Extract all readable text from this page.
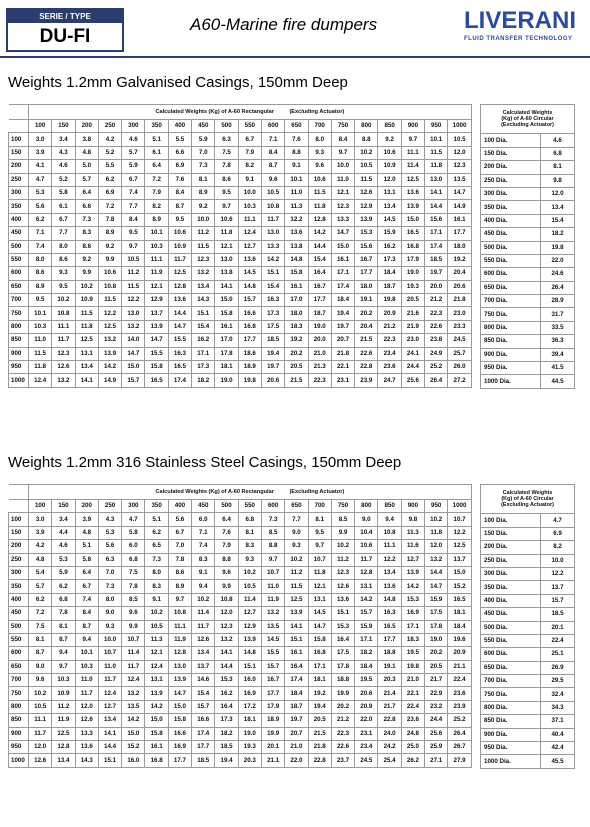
SERIE / TYPE
DU-FI
A60-Marine fire dumpers	LIVERANI
FLUID TRANSFER TECHNOLOGY
Weights 1.2mm Galvanised Casings, 150mm Deep
	Calculated Weights (Kg) of A-60 Rectangular (Excluding Actuator)																		
	100	150	200	250	300	350	400	450	500	550	600	650	700	750	800	850	900	950	1000
100	3.0	3.4	3.8	4.2	4.6	5.1	5.5	5.9	6.3	6.7	7.1	7.6	8.0	8.4	8.8	9.2	9.7	10.1	10.5
150	3.9	4.3	4.8	5.2	5.7	6.1	6.6	7.0	7.5	7.9	8.4	8.8	9.3	9.7	10.2	10.6	11.1	11.5	12.0
200	4.1	4.6	5.0	5.5	5.9	6.4	6.9	7.3	7.8	8.2	8.7	9.1	9.6	10.0	10.5	10.9	11.4	11.8	12.3
250	4.7	5.2	5.7	6.2	6.7	7.2	7.6	8.1	8.6	9.1	9.6	10.1	10.6	11.0	11.5	12.0	12.5	13.0	13.5
300	5.3	5.8	6.4	6.9	7.4	7.9	8.4	8.9	9.5	10.0	10.5	11.0	11.5	12.1	12.6	13.1	13.6	14.1	14.7
350	5.6	6.1	6.6	7.2	7.7	8.2	8.7	9.2	9.7	10.3	10.8	11.3	11.8	12.3	12.9	13.4	13.9	14.4	14.9
400	6.2	6.7	7.3	7.8	8.4	8.9	9.5	10.0	10.6	11.1	11.7	12.2	12.8	13.3	13.9	14.5	15.0	15.6	16.1
450	7.1	7.7	8.3	8.9	9.5	10.1	10.6	11.2	11.8	12.4	13.0	13.6	14.2	14.7	15.3	15.9	16.5	17.1	17.7
500	7.4	8.0	8.6	9.2	9.7	10.3	10.9	11.5	12.1	12.7	13.3	13.8	14.4	15.0	15.6	16.2	16.8	17.4	18.0
550	8.0	8.6	9.2	9.9	10.5	11.1	11.7	12.3	13.0	13.6	14.2	14.8	15.4	16.1	16.7	17.3	17.9	18.5	19.2
600	8.6	9.3	9.9	10.6	11.2	11.9	12.5	13.2	13.8	14.5	15.1	15.8	16.4	17.1	17.7	18.4	19.0	19.7	20.4
650	8.9	9.5	10.2	10.8	11.5	12.1	12.8	13.4	14.1	14.8	15.4	16.1	16.7	17.4	18.0	18.7	19.3	20.0	20.6
700	9.5	10.2	10.9	11.5	12.2	12.9	13.6	14.3	15.0	15.7	16.3	17.0	17.7	18.4	19.1	19.8	20.5	21.2	21.8
750	10.1	10.8	11.5	12.2	13.0	13.7	14.4	15.1	15.8	16.6	17.3	18.0	18.7	19.4	20.2	20.9	21.6	22.3	23.0
800	10.3	11.1	11.8	12.5	13.2	13.9	14.7	15.4	16.1	16.8	17.5	18.3	19.0	19.7	20.4	21.2	21.9	22.6	23.3
850	11.0	11.7	12.5	13.2	14.0	14.7	15.5	16.2	17.0	17.7	18.5	19.2	20.0	20.7	21.5	22.3	23.0	23.8	24.5
900	11.5	12.3	13.1	13.9	14.7	15.5	16.3	17.1	17.8	18.6	19.4	20.2	21.0	21.8	22.6	23.4	24.1	24.9	25.7
950	11.8	12.6	13.4	14.2	15.0	15.8	16.5	17.3	18.1	18.9	19.7	20.5	21.3	22.1	22.8	23.6	24.4	25.2	26.0
1000	12.4	13.2	14.1	14.9	15.7	16.5	17.4	18.2	19.0	19.8	20.6	21.5	22.3	23.1	23.9	24.7	25.6	26.4	27.2
Calculated Weights
(Kg) of A-60 Circular
(Excluding Actuator)	

100 Dia.	4.6
150 Dia.	6.8
200 Dia.	8.1
250 Dia.	9.8
300 Dia.	12.0
350 Dia.	13.4
400 Dia.	15.4
450 Dia.	18.2
500 Dia.	19.8
550 Dia.	22.0
600 Dia.	24.6
650 Dia.	26.4
700 Dia.	28.9
750 Dia.	31.7
800 Dia.	33.5
850 Dia.	36.3
900 Dia.	39.4
950 Dia.	41.5
1000 Dia.	44.5
Weights 1.2mm 316 Stainless Steel Casings, 150mm Deep
	Calculated Weights (Kg) of A-60 Rectangular (Excluding Actuator)																		
	100	150	200	250	300	350	400	450	500	550	600	650	700	750	800	850	900	950	1000
100	3.0	3.4	3.9	4.3	4.7	5.1	5.6	6.0	6.4	6.8	7.3	7.7	8.1	8.5	9.0	9.4	9.8	10.2	10.7
150	3.9	4.4	4.8	5.3	5.8	6.2	6.7	7.1	7.6	8.1	8.5	9.0	9.5	9.9	10.4	10.8	11.3	11.8	12.2
200	4.2	4.6	5.1	5.6	6.0	6.5	7.0	7.4	7.9	8.3	8.8	9.3	9.7	10.2	10.6	11.1	11.6	12.0	12.5
250	4.8	5.3	5.8	6.3	6.8	7.3	7.8	8.3	8.8	9.3	9.7	10.2	10.7	11.2	11.7	12.2	12.7	13.2	13.7
300	5.4	5.9	6.4	7.0	7.5	8.0	8.6	9.1	9.6	10.2	10.7	11.2	11.8	12.3	12.8	13.4	13.9	14.4	15.0
350	5.7	6.2	6.7	7.3	7.8	8.3	8.9	9.4	9.9	10.5	11.0	11.5	12.1	12.6	13.1	13.6	14.2	14.7	15.2
400	6.2	6.8	7.4	8.0	8.5	9.1	9.7	10.2	10.8	11.4	11.9	12.5	13.1	13.6	14.2	14.8	15.3	15.9	16.5
450	7.2	7.8	8.4	9.0	9.6	10.2	10.8	11.4	12.0	12.7	13.2	13.9	14.5	15.1	15.7	16.3	16.9	17.5	18.1
500	7.5	8.1	8.7	9.3	9.9	10.5	11.1	11.7	12.3	12.9	13.5	14.1	14.7	15.3	15.9	16.5	17.1	17.8	18.4
550	8.1	8.7	9.4	10.0	10.7	11.3	11.9	12.6	13.2	13.9	14.5	15.1	15.8	16.4	17.1	17.7	18.3	19.0	19.6
600	8.7	9.4	10.1	10.7	11.4	12.1	12.8	13.4	14.1	14.8	15.5	16.1	16.8	17.5	18.2	18.8	19.5	20.2	20.9
650	9.0	9.7	10.3	11.0	11.7	12.4	13.0	13.7	14.4	15.1	15.7	16.4	17.1	17.8	18.4	19.1	19.8	20.5	21.1
700	9.6	10.3	11.0	11.7	12.4	13.1	13.9	14.6	15.3	16.0	16.7	17.4	18.1	18.8	19.5	20.3	21.0	21.7	22.4
750	10.2	10.9	11.7	12.4	13.2	13.9	14.7	15.4	16.2	16.9	17.7	18.4	19.2	19.9	20.6	21.4	22.1	22.9	23.6
800	10.5	11.2	12.0	12.7	13.5	14.2	15.0	15.7	16.4	17.2	17.9	18.7	19.4	20.2	20.9	21.7	22.4	23.2	23.9
850	11.1	11.9	12.6	13.4	14.2	15.0	15.8	16.6	17.3	18.1	18.9	19.7	20.5	21.2	22.0	22.8	23.6	24.4	25.2
900	11.7	12.5	13.3	14.1	15.0	15.8	16.6	17.4	18.2	19.0	19.9	20.7	21.5	22.3	23.1	24.0	24.8	25.6	26.4
950	12.0	12.8	13.6	14.4	15.2	16.1	16.9	17.7	18.5	19.3	20.1	21.0	21.8	22.6	23.4	24.2	25.0	25.9	26.7
1000	12.6	13.4	14.3	15.1	16.0	16.8	17.7	18.5	19.4	20.3	21.1	22.0	22.8	23.7	24.5	25.4	26.2	27.1	27.9
Calculated Weights
(Kg) of A-60 Circular
(Excluding Actuator)	

100 Dia.	4.7
150 Dia.	6.9
200 Dia.	8.2
250 Dia.	10.0
300 Dia.	12.2
350 Dia.	13.7
400 Dia.	15.7
450 Dia.	18.5
500 Dia.	20.1
550 Dia.	22.4
600 Dia.	25.1
650 Dia.	26.9
700 Dia.	29.5
750 Dia.	32.4
800 Dia.	34.3
850 Dia.	37.1
900 Dia.	40.4
950 Dia.	42.4
1000 Dia.	45.5
